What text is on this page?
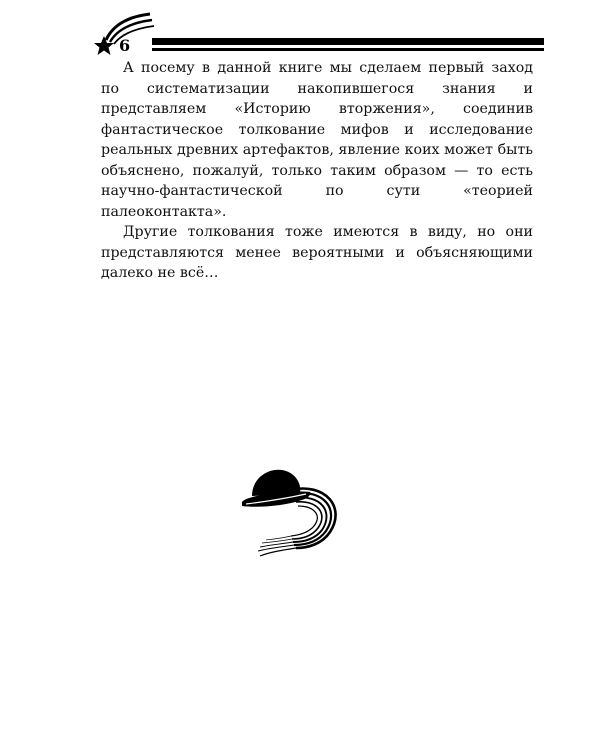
6

А посему в данной книге мы сделаем первый заход по систематизации накопившегося знания и представляем «Историю вторжения», соединив фантастическое толкование мифов и исследование реальных древних артефактов, явление коих может быть объяснено, пожалуй, только таким образом — то есть научно-фантастической по сути «теорией палеоконтакта».

Другие толкования тоже имеются в виду, но они представляются менее вероятными и объясняющими далеко не всё…
